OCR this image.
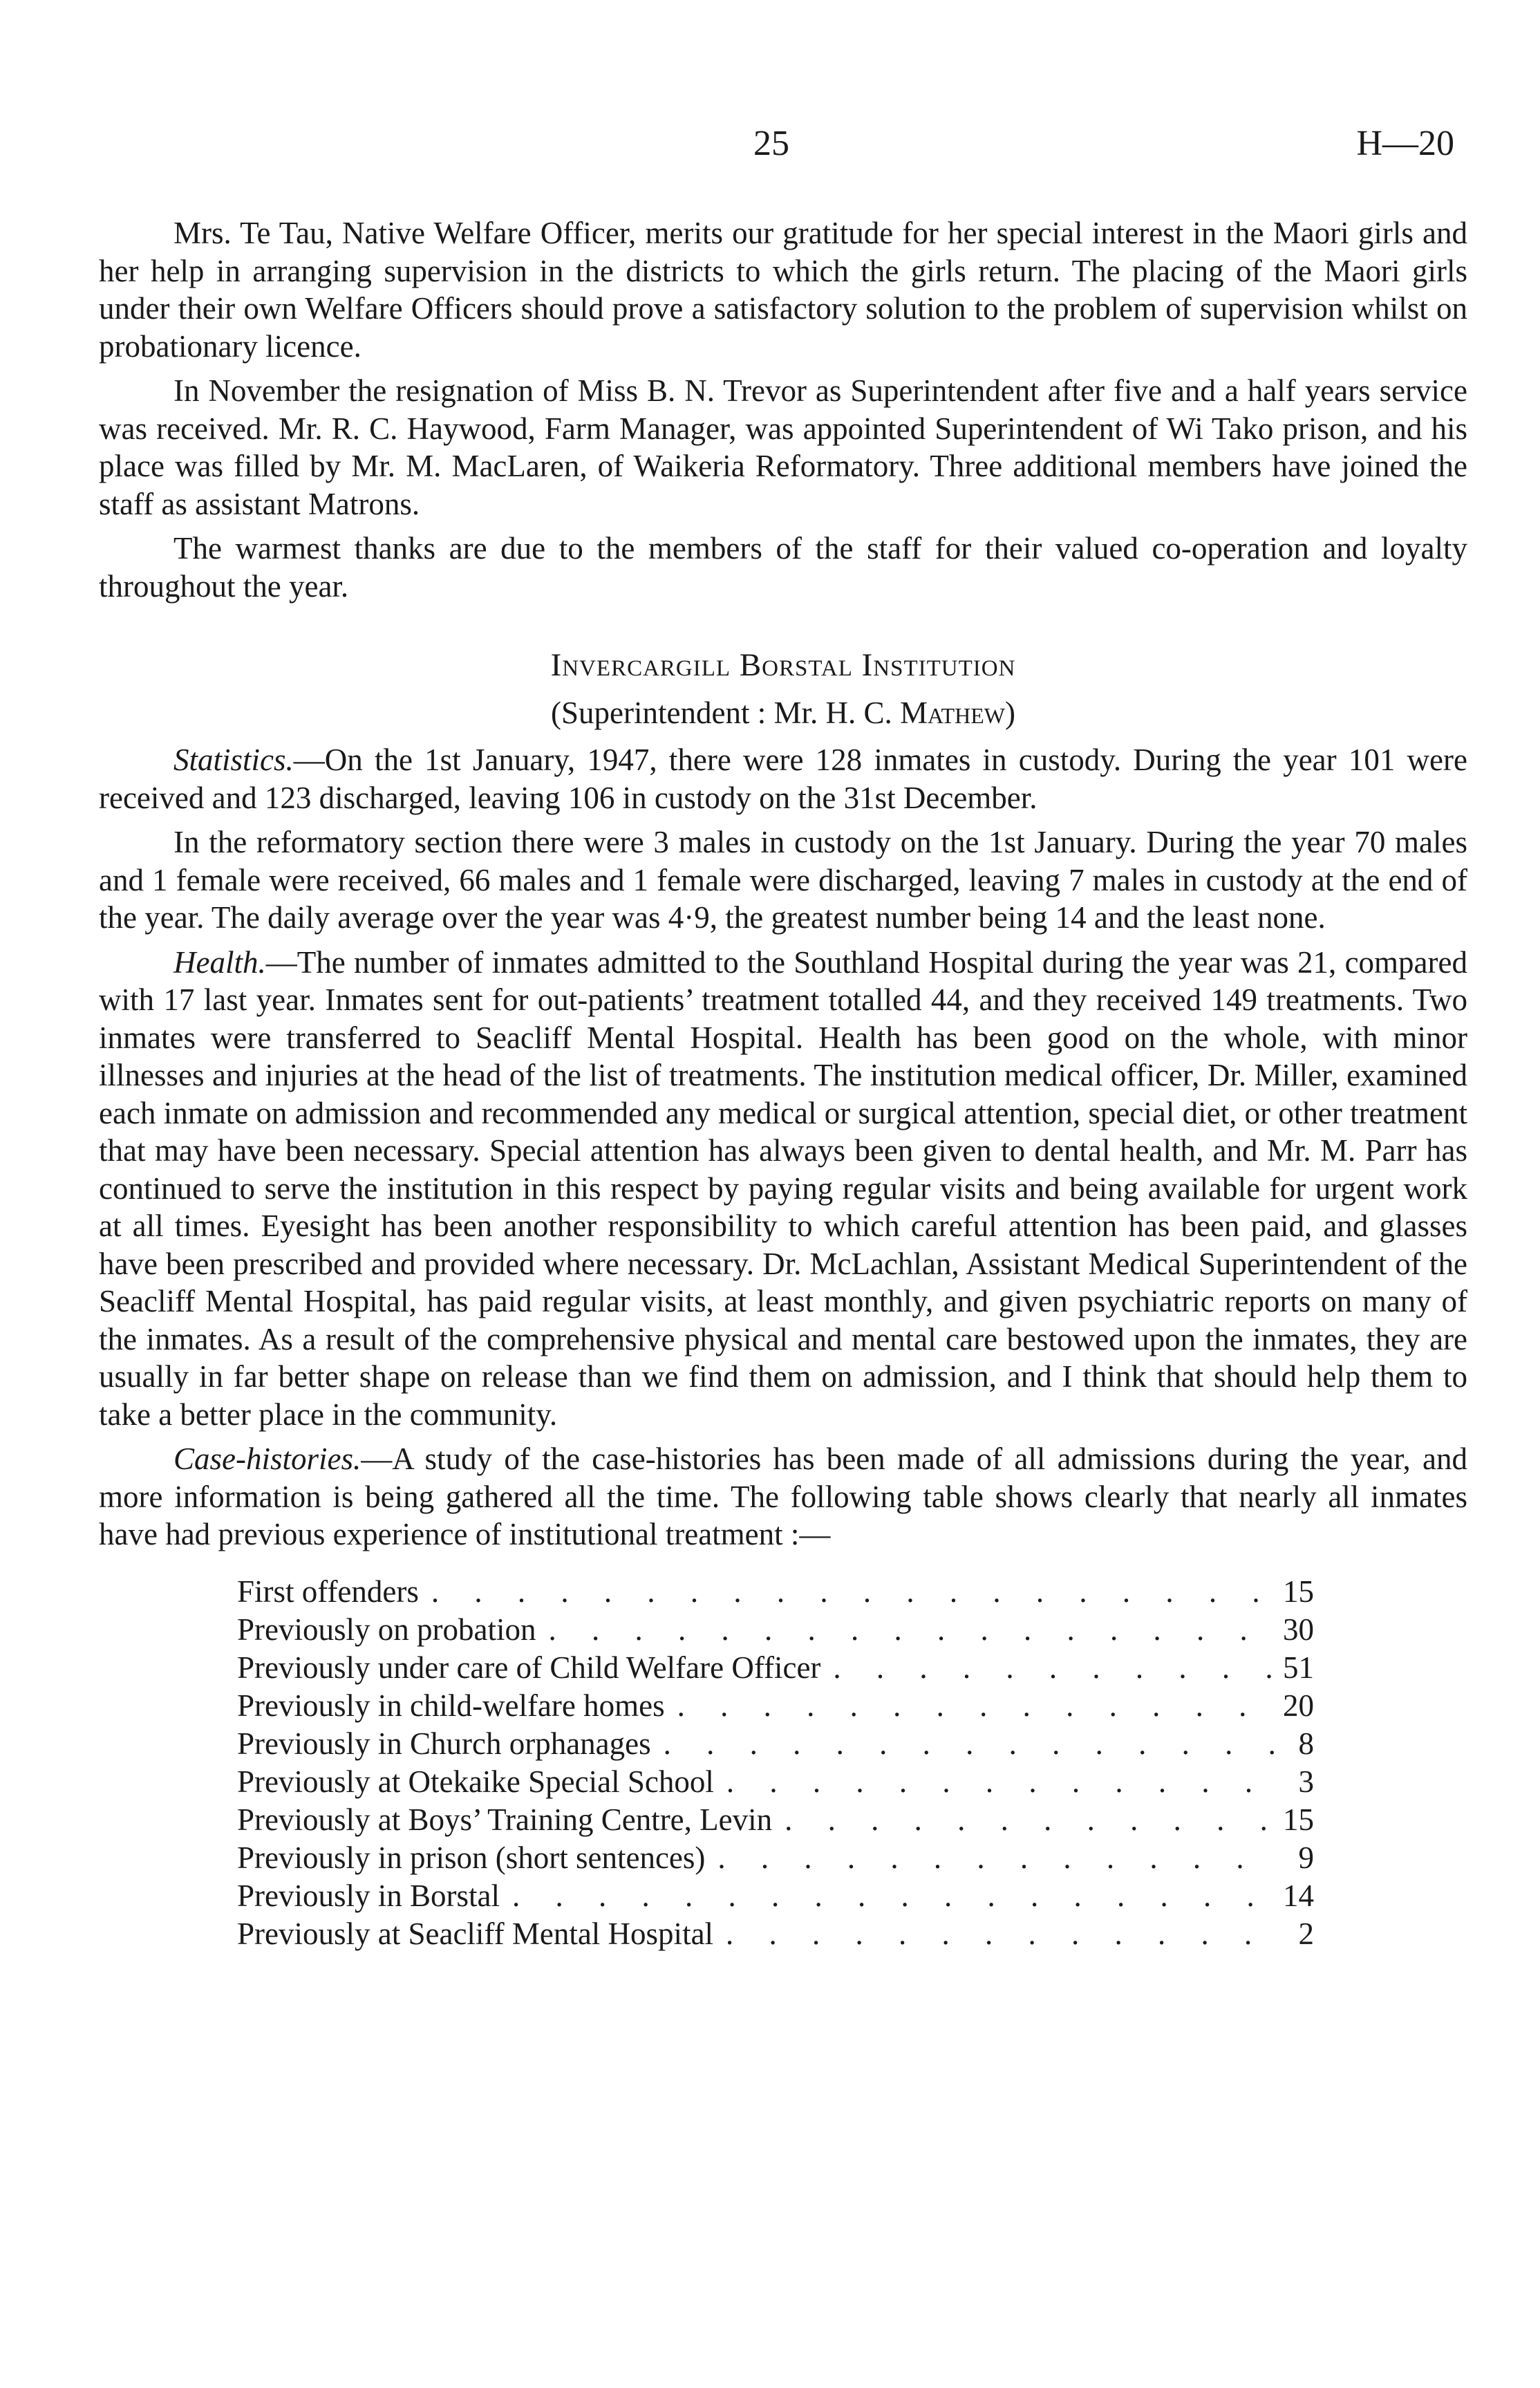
25	H—20

Mrs. Te Tau, Native Welfare Officer, merits our gratitude for her special interest in the Maori girls and her help in arranging supervision in the districts to which the girls return. The placing of the Maori girls under their own Welfare Officers should prove a satisfactory solution to the problem of supervision whilst on probationary licence.

In November the resignation of Miss B. N. Trevor as Superintendent after five and a half years service was received. Mr. R. C. Haywood, Farm Manager, was appointed Superintendent of Wi Tako prison, and his place was filled by Mr. M. MacLaren, of Waikeria Reformatory. Three additional members have joined the staff as assistant Matrons.

The warmest thanks are due to the members of the staff for their valued co-operation and loyalty throughout the year.

Invercargill Borstal Institution
(Superintendent : Mr. H. C. Mathew)

Statistics.—On the 1st January, 1947, there were 128 inmates in custody. During the year 101 were received and 123 discharged, leaving 106 in custody on the 31st December.

In the reformatory section there were 3 males in custody on the 1st January. During the year 70 males and 1 female were received, 66 males and 1 female were discharged, leaving 7 males in custody at the end of the year. The daily average over the year was 4·9, the greatest number being 14 and the least none.

Health.—The number of inmates admitted to the Southland Hospital during the year was 21, compared with 17 last year. Inmates sent for out-patients’ treatment totalled 44, and they received 149 treatments. Two inmates were transferred to Seacliff Mental Hospital. Health has been good on the whole, with minor illnesses and injuries at the head of the list of treatments. The institution medical officer, Dr. Miller, examined each inmate on admission and recommended any medical or surgical attention, special diet, or other treatment that may have been necessary. Special attention has always been given to dental health, and Mr. M. Parr has continued to serve the institution in this respect by paying regular visits and being available for urgent work at all times. Eyesight has been another responsibility to which careful attention has been paid, and glasses have been prescribed and provided where necessary. Dr. McLachlan, Assistant Medical Superintendent of the Seacliff Mental Hospital, has paid regular visits, at least monthly, and given psychiatric reports on many of the inmates. As a result of the comprehensive physical and mental care bestowed upon the inmates, they are usually in far better shape on release than we find them on admission, and I think that should help them to take a better place in the community.

Case-histories.—A study of the case-histories has been made of all admissions during the year, and more information is being gathered all the time. The following table shows clearly that nearly all inmates have had previous experience of institutional treatment :—

First offenders . . .	15
Previously on probation . . .	30
Previously under care of Child Welfare Officer . . .	51
Previously in child-welfare homes . . .	20
Previously in Church orphanages . . .	8
Previously at Otekaike Special School . . .	3
Previously at Boys’ Training Centre, Levin . . .	15
Previously in prison (short sentences) . . .	9
Previously in Borstal . . .	14
Previously at Seacliff Mental Hospital . . .	2
